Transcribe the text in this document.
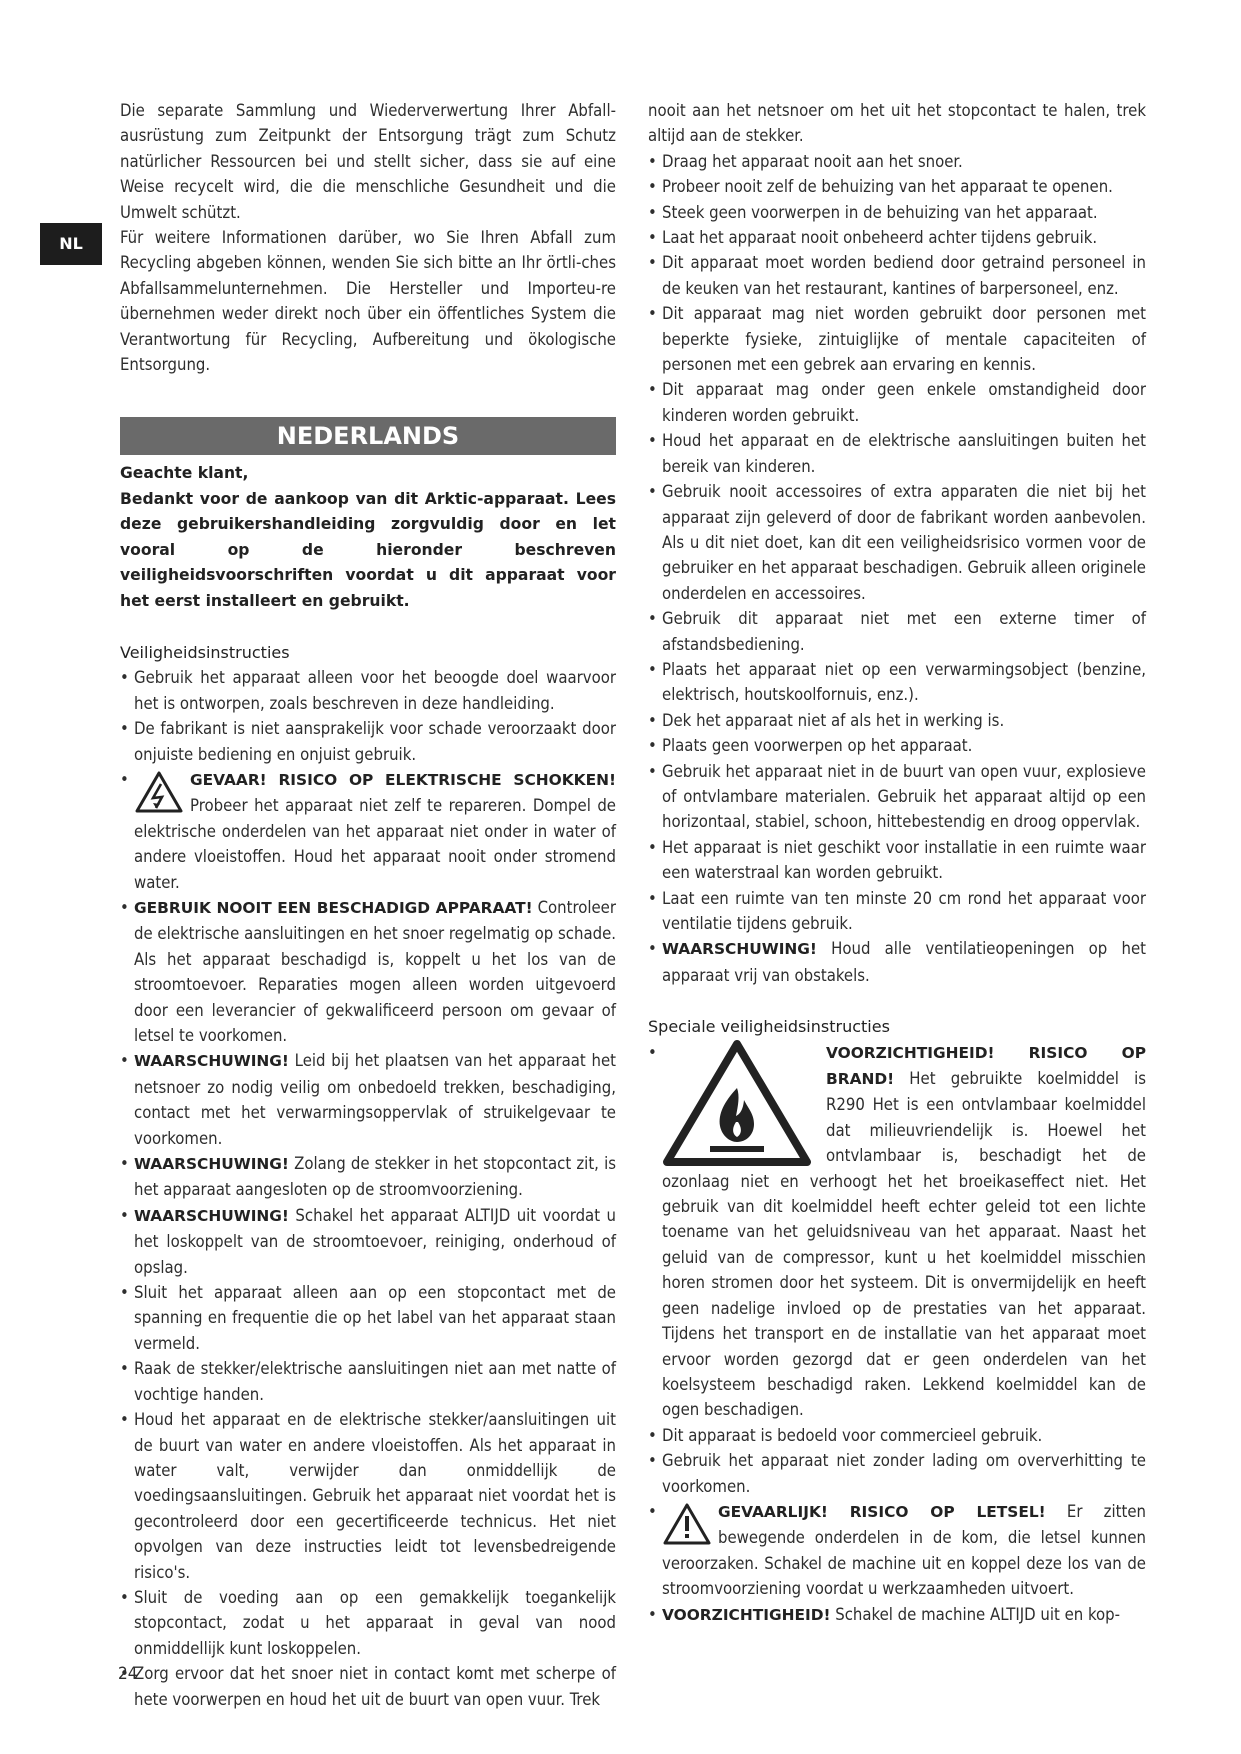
NL

Die separate Sammlung und Wiederverwertung Ihrer Abfall-ausrüstung zum Zeitpunkt der Entsorgung trägt zum Schutz natürlicher Ressourcen bei und stellt sicher, dass sie auf eine Weise recycelt wird, die die menschliche Gesundheit und die Umwelt schützt.

Für weitere Informationen darüber, wo Sie Ihren Abfall zum Recycling abgeben können, wenden Sie sich bitte an Ihr örtli-ches Abfallsammelunternehmen. Die Hersteller und Importeu-re übernehmen weder direkt noch über ein öffentliches System die Verantwortung für Recycling, Aufbereitung und ökologische Entsorgung.

NEDERLANDS

Geachte klant,

Bedankt voor de aankoop van dit Arktic-apparaat. Lees deze gebruikershandleiding zorgvuldig door en let vooral op de hieronder beschreven veiligheidsvoorschriften voordat u dit apparaat voor het eerst installeert en gebruikt.

Veiligheidsinstructies
• Gebruik het apparaat alleen voor het beoogde doel waarvoor het is ontworpen, zoals beschreven in deze handleiding.
• De fabrikant is niet aansprakelijk voor schade veroorzaakt door onjuiste bediening en onjuist gebruik.
• GEVAAR! RISICO OP ELEKTRISCHE SCHOKKEN! Probeer het apparaat niet zelf te repareren. Dompel de elektrische onderdelen van het apparaat niet onder in water of andere vloeistoffen. Houd het apparaat nooit onder stromend water.
• GEBRUIK NOOIT EEN BESCHADIGD APPARAAT! Controleer de elektrische aansluitingen en het snoer regelmatig op schade. Als het apparaat beschadigd is, koppelt u het los van de stroomtoevoer. Reparaties mogen alleen worden uitgevoerd door een leverancier of gekwalificeerd persoon om gevaar of letsel te voorkomen.
• WAARSCHUWING! Leid bij het plaatsen van het apparaat het netsnoer zo nodig veilig om onbedoeld trekken, beschadiging, contact met het verwarmingsoppervlak of struikelgevaar te voorkomen.
• WAARSCHUWING! Zolang de stekker in het stopcontact zit, is het apparaat aangesloten op de stroomvoorziening.
• WAARSCHUWING! Schakel het apparaat ALTIJD uit voordat u het loskoppelt van de stroomtoevoer, reiniging, onderhoud of opslag.
• Sluit het apparaat alleen aan op een stopcontact met de spanning en frequentie die op het label van het apparaat staan vermeld.
• Raak de stekker/elektrische aansluitingen niet aan met natte of vochtige handen.
• Houd het apparaat en de elektrische stekker/aansluitingen uit de buurt van water en andere vloeistoffen. Als het apparaat in water valt, verwijder dan onmiddellijk de voedingsaansluitingen. Gebruik het apparaat niet voordat het is gecontroleerd door een gecertificeerde technicus. Het niet opvolgen van deze instructies leidt tot levensbedreigende risico's.
• Sluit de voeding aan op een gemakkelijk toegankelijk stopcontact, zodat u het apparaat in geval van nood onmiddellijk kunt loskoppelen.
• Zorg ervoor dat het snoer niet in contact komt met scherpe of hete voorwerpen en houd het uit de buurt van open vuur. Trek

nooit aan het netsnoer om het uit het stopcontact te halen, trek altijd aan de stekker.

• Draag het apparaat nooit aan het snoer.
• Probeer nooit zelf de behuizing van het apparaat te openen.
• Steek geen voorwerpen in de behuizing van het apparaat.
• Laat het apparaat nooit onbeheerd achter tijdens gebruik.
• Dit apparaat moet worden bediend door getraind personeel in de keuken van het restaurant, kantines of barpersoneel, enz.
• Dit apparaat mag niet worden gebruikt door personen met beperkte fysieke, zintuiglijke of mentale capaciteiten of personen met een gebrek aan ervaring en kennis.
• Dit apparaat mag onder geen enkele omstandigheid door kinderen worden gebruikt.
• Houd het apparaat en de elektrische aansluitingen buiten het bereik van kinderen.
• Gebruik nooit accessoires of extra apparaten die niet bij het apparaat zijn geleverd of door de fabrikant worden aanbevolen. Als u dit niet doet, kan dit een veiligheidsrisico vormen voor de gebruiker en het apparaat beschadigen. Gebruik alleen originele onderdelen en accessoires.
• Gebruik dit apparaat niet met een externe timer of afstandsbediening.
• Plaats het apparaat niet op een verwarmingsobject (benzine, elektrisch, houtskoolfornuis, enz.).
• Dek het apparaat niet af als het in werking is.
• Plaats geen voorwerpen op het apparaat.
• Gebruik het apparaat niet in de buurt van open vuur, explosieve of ontvlambare materialen. Gebruik het apparaat altijd op een horizontaal, stabiel, schoon, hittebestendig en droog oppervlak.
• Het apparaat is niet geschikt voor installatie in een ruimte waar een waterstraal kan worden gebruikt.
• Laat een ruimte van ten minste 20 cm rond het apparaat voor ventilatie tijdens gebruik.
• WAARSCHUWING! Houd alle ventilatieopeningen op het apparaat vrij van obstakels.
Speciale veiligheidsinstructies
• VOORZICHTIGHEID! RISICO OP BRAND! Het gebruikte koelmiddel is R290 Het is een ontvlambaar koelmiddel dat milieuvriendelijk is. Hoewel het ontvlambaar is, beschadigt het de ozonlaag niet en verhoogt het het broeikaseffect niet. Het gebruik van dit koelmiddel heeft echter geleid tot een lichte toename van het geluidsniveau van het apparaat. Naast het geluid van de compressor, kunt u het koelmiddel misschien horen stromen door het systeem. Dit is onvermijdelijk en heeft geen nadelige invloed op de prestaties van het apparaat. Tijdens het transport en de installatie van het apparaat moet ervoor worden gezorgd dat er geen onderdelen van het koelsysteem beschadigd raken. Lekkend koelmiddel kan de ogen beschadigen.
• Dit apparaat is bedoeld voor commercieel gebruik.
• Gebruik het apparaat niet zonder lading om oververhitting te voorkomen.
• GEVAARLIJK! RISICO OP LETSEL! Er zitten bewegende onderdelen in de kom, die letsel kunnen veroorzaken. Schakel de machine uit en koppel deze los van de stroomvoorziening voordat u werkzaamheden uitvoert.
• VOORZICHTIGHEID! Schakel de machine ALTIJD uit en kop-
24
